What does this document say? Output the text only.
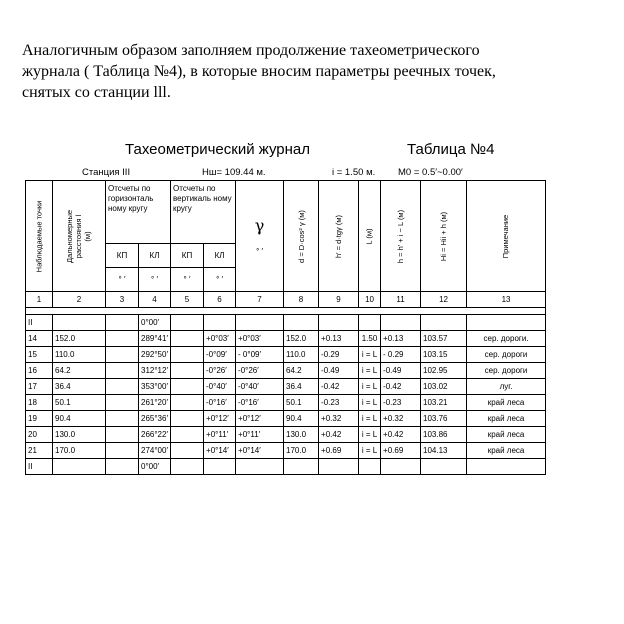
Аналогичным образом заполняем продолжение тахеометрического
журнала ( Таблица №4), в которые вносим параметры реечных точек,
снятых со станции lll.
Тахеометрический журнал	Таблица №4
Станция III	Нш= 109.44 м.	i = 1.50 м. М0 = 0.5′~0.00′
Наблюдаемые точки	Дальномерные расстояния l (м)	Отсчеты по горизонталь ному кругу		Отсчеты по вертикаль ному кругу		γ
° ′	d = D·cos² γ (м)	h′ = d·tgγ (м)	L (м)	h = h′ + i − L (м)	Hi = Hii + h (м)	Примечание

		КП	КЛ	КП	КЛ							
		° ′	° ′	° ′	° ′							
1	2	3	4	5	6	7	8	9	10	11	12	13

II			0°00′									
14	152.0		289°41′		+0°03′	+0°03′	152.0	+0.13	1.50	+0.13	103.57	сер. дороги.
15	110.0		292°50′		-0°09′	- 0°09′	110.0	-0.29	i = L	- 0.29	103.15	сер. дороги
16	64.2		312°12′		-0°26′	-0°26′	64.2	-0.49	i = L	-0.49	102.95	сер. дороги
17	36.4		353°00′		-0°40′	-0°40′	36.4	-0.42	i = L	-0.42	103.02	луг.
18	50.1		261°20′		-0°16′	-0°16′	50.1	-0.23	i = L	-0.23	103.21	край леса
19	90.4		265°36′		+0°12′	+0°12′	90.4	+0.32	i = L	+0.32	103.76	край леса
20	130.0		266°22′		+0°11′	+0°11′	130.0	+0.42	i = L	+0.42	103.86	край леса
21	170.0		274°00′		+0°14′	+0°14′	170.0	+0.69	i = L	+0.69	104.13	край леса
II			0°00′									
